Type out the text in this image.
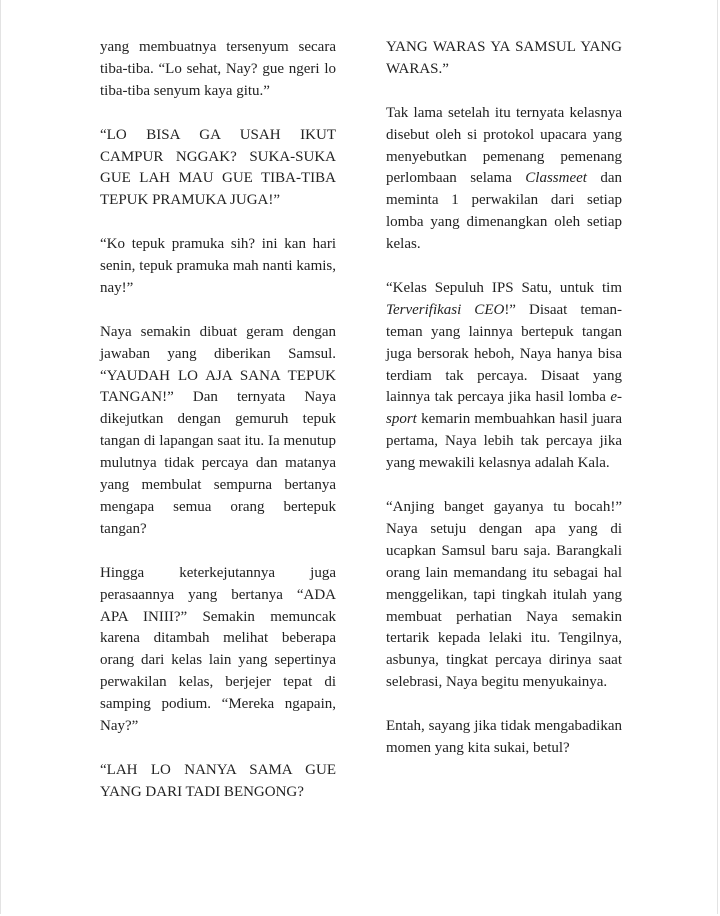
yang membuatnya tersenyum secara tiba-tiba. “Lo sehat, Nay? gue ngeri lo tiba-tiba senyum kaya gitu.”

“LO BISA GA USAH IKUT CAMPUR NGGAK? SUKA-SUKA GUE LAH MAU GUE TIBA-TIBA TEPUK PRAMUKA JUGA!”

“Ko tepuk pramuka sih? ini kan hari senin, tepuk pramuka mah nanti kamis, nay!”

Naya semakin dibuat geram dengan jawaban yang diberikan Samsul. “YAUDAH LO AJA SANA TEPUK TANGAN!” Dan ternyata Naya dikejutkan dengan gemuruh tepuk tangan di lapangan saat itu. Ia menutup mulutnya tidak percaya dan matanya yang membulat sempurna bertanya mengapa semua orang bertepuk tangan?

Hingga keterkejutannya juga perasaannya yang bertanya “ADA APA INIII?” Semakin memuncak karena ditambah melihat beberapa orang dari kelas lain yang sepertinya perwakilan kelas, berjejer tepat di samping podium. “Mereka ngapain, Nay?”

“LAH LO NANYA SAMA GUE YANG DARI TADI BENGONG?

YANG WARAS YA SAMSUL YANG WARAS.”

Tak lama setelah itu ternyata kelasnya disebut oleh si protokol upacara yang menyebutkan pemenang pemenang perlombaan selama Classmeet dan meminta 1 perwakilan dari setiap lomba yang dimenangkan oleh setiap kelas.

“Kelas Sepuluh IPS Satu, untuk tim Terverifikasi CEO!” Disaat teman-teman yang lainnya bertepuk tangan juga bersorak heboh, Naya hanya bisa terdiam tak percaya. Disaat yang lainnya tak percaya jika hasil lomba e-sport kemarin membuahkan hasil juara pertama, Naya lebih tak percaya jika yang mewakili kelasnya adalah Kala.

“Anjing banget gayanya tu bocah!” Naya setuju dengan apa yang di ucapkan Samsul baru saja. Barangkali orang lain memandang itu sebagai hal menggelikan, tapi tingkah itulah yang membuat perhatian Naya semakin tertarik kepada lelaki itu. Tengilnya, asbunya, tingkat percaya dirinya saat selebrasi, Naya begitu menyukainya.

Entah, sayang jika tidak mengabadikan momen yang kita sukai, betul?
